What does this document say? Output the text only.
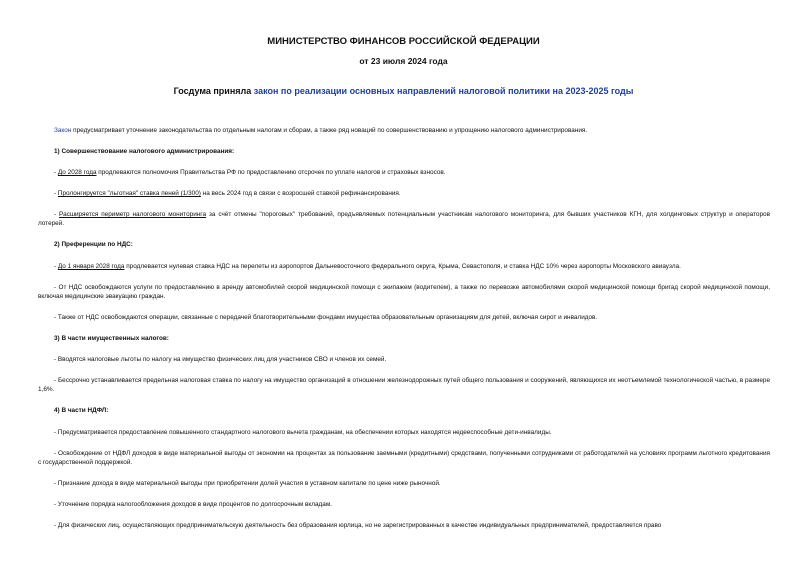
МИНИСТЕРСТВО ФИНАНСОВ РОССИЙСКОЙ ФЕДЕРАЦИИ
от 23 июля 2024 года
Госдума приняла закон по реализации основных направлений налоговой политики на 2023-2025 годы

Закон предусматривает уточнение законодательства по отдельным налогам и сборам, а также ряд новаций по совершенствованию и упрощению налогового администрирования.

1) Совершенствование налогового администрирования:

- До 2028 года продлеваются полномочия Правительства РФ по предоставлению отсрочек по уплате налогов и страховых взносов.

- Пролонгируется "льготная" ставка пеней (1/300) на весь 2024 год в связи с возросшей ставкой рефинансирования.

- Расширяется периметр налогового мониторинга за счёт отмены "пороговых" требований, предъявляемых потенциальным участникам налогового мониторинга, для бывших участников КГН, для холдинговых структур и операторов лотерей.

2) Преференции по НДС:

- До 1 января 2028 года продлевается нулевая ставка НДС на перелеты из аэропортов Дальневосточного федерального округа, Крыма, Севастополя, и ставка НДС 10% через аэропорты Московского авиаузла.

- От НДС освобождаются услуги по предоставлению в аренду автомобилей скорой медицинской помощи с экипажем (водителем), а также по перевозке автомобилями скорой медицинской помощи бригад скорой медицинской помощи, включая медицинские эвакуацию граждан.

- Также от НДС освобождаются операции, связанные с передачей благотворительными фондами имущества образовательным организациям для детей, включая сирот и инвалидов.

3) В части имущественных налогов:

- Вводятся налоговые льготы по налогу на имущество физических лиц для участников СВО и членов их семей.

- Бессрочно устанавливается предельная налоговая ставка по налогу на имущество организаций в отношении железнодорожных путей общего пользования и сооружений, являющихся их неотъемлемой технологической частью, в размере 1,6%.

4) В части НДФЛ:

- Предусматривается предоставление повышенного стандартного налогового вычета гражданам, на обеспечении которых находятся недееспособные дети-инвалиды.

- Освобождение от НДФЛ доходов в виде материальной выгоды от экономии на процентах за пользование заемными (кредитными) средствами, полученными сотрудниками от работодателей на условиях программ льготного кредитования с государственной поддержкой.

- Признание дохода в виде материальной выгоды при приобретении долей участия в уставном капитале по цене ниже рыночной.

- Уточнение порядка налогообложения доходов в виде процентов по долгосрочным вкладам.

- Для физических лиц, осуществляющих предпринимательскую деятельность без образования юрлица, но не зарегистрированных в качестве индивидуальных предпринимателей, предоставляется право
